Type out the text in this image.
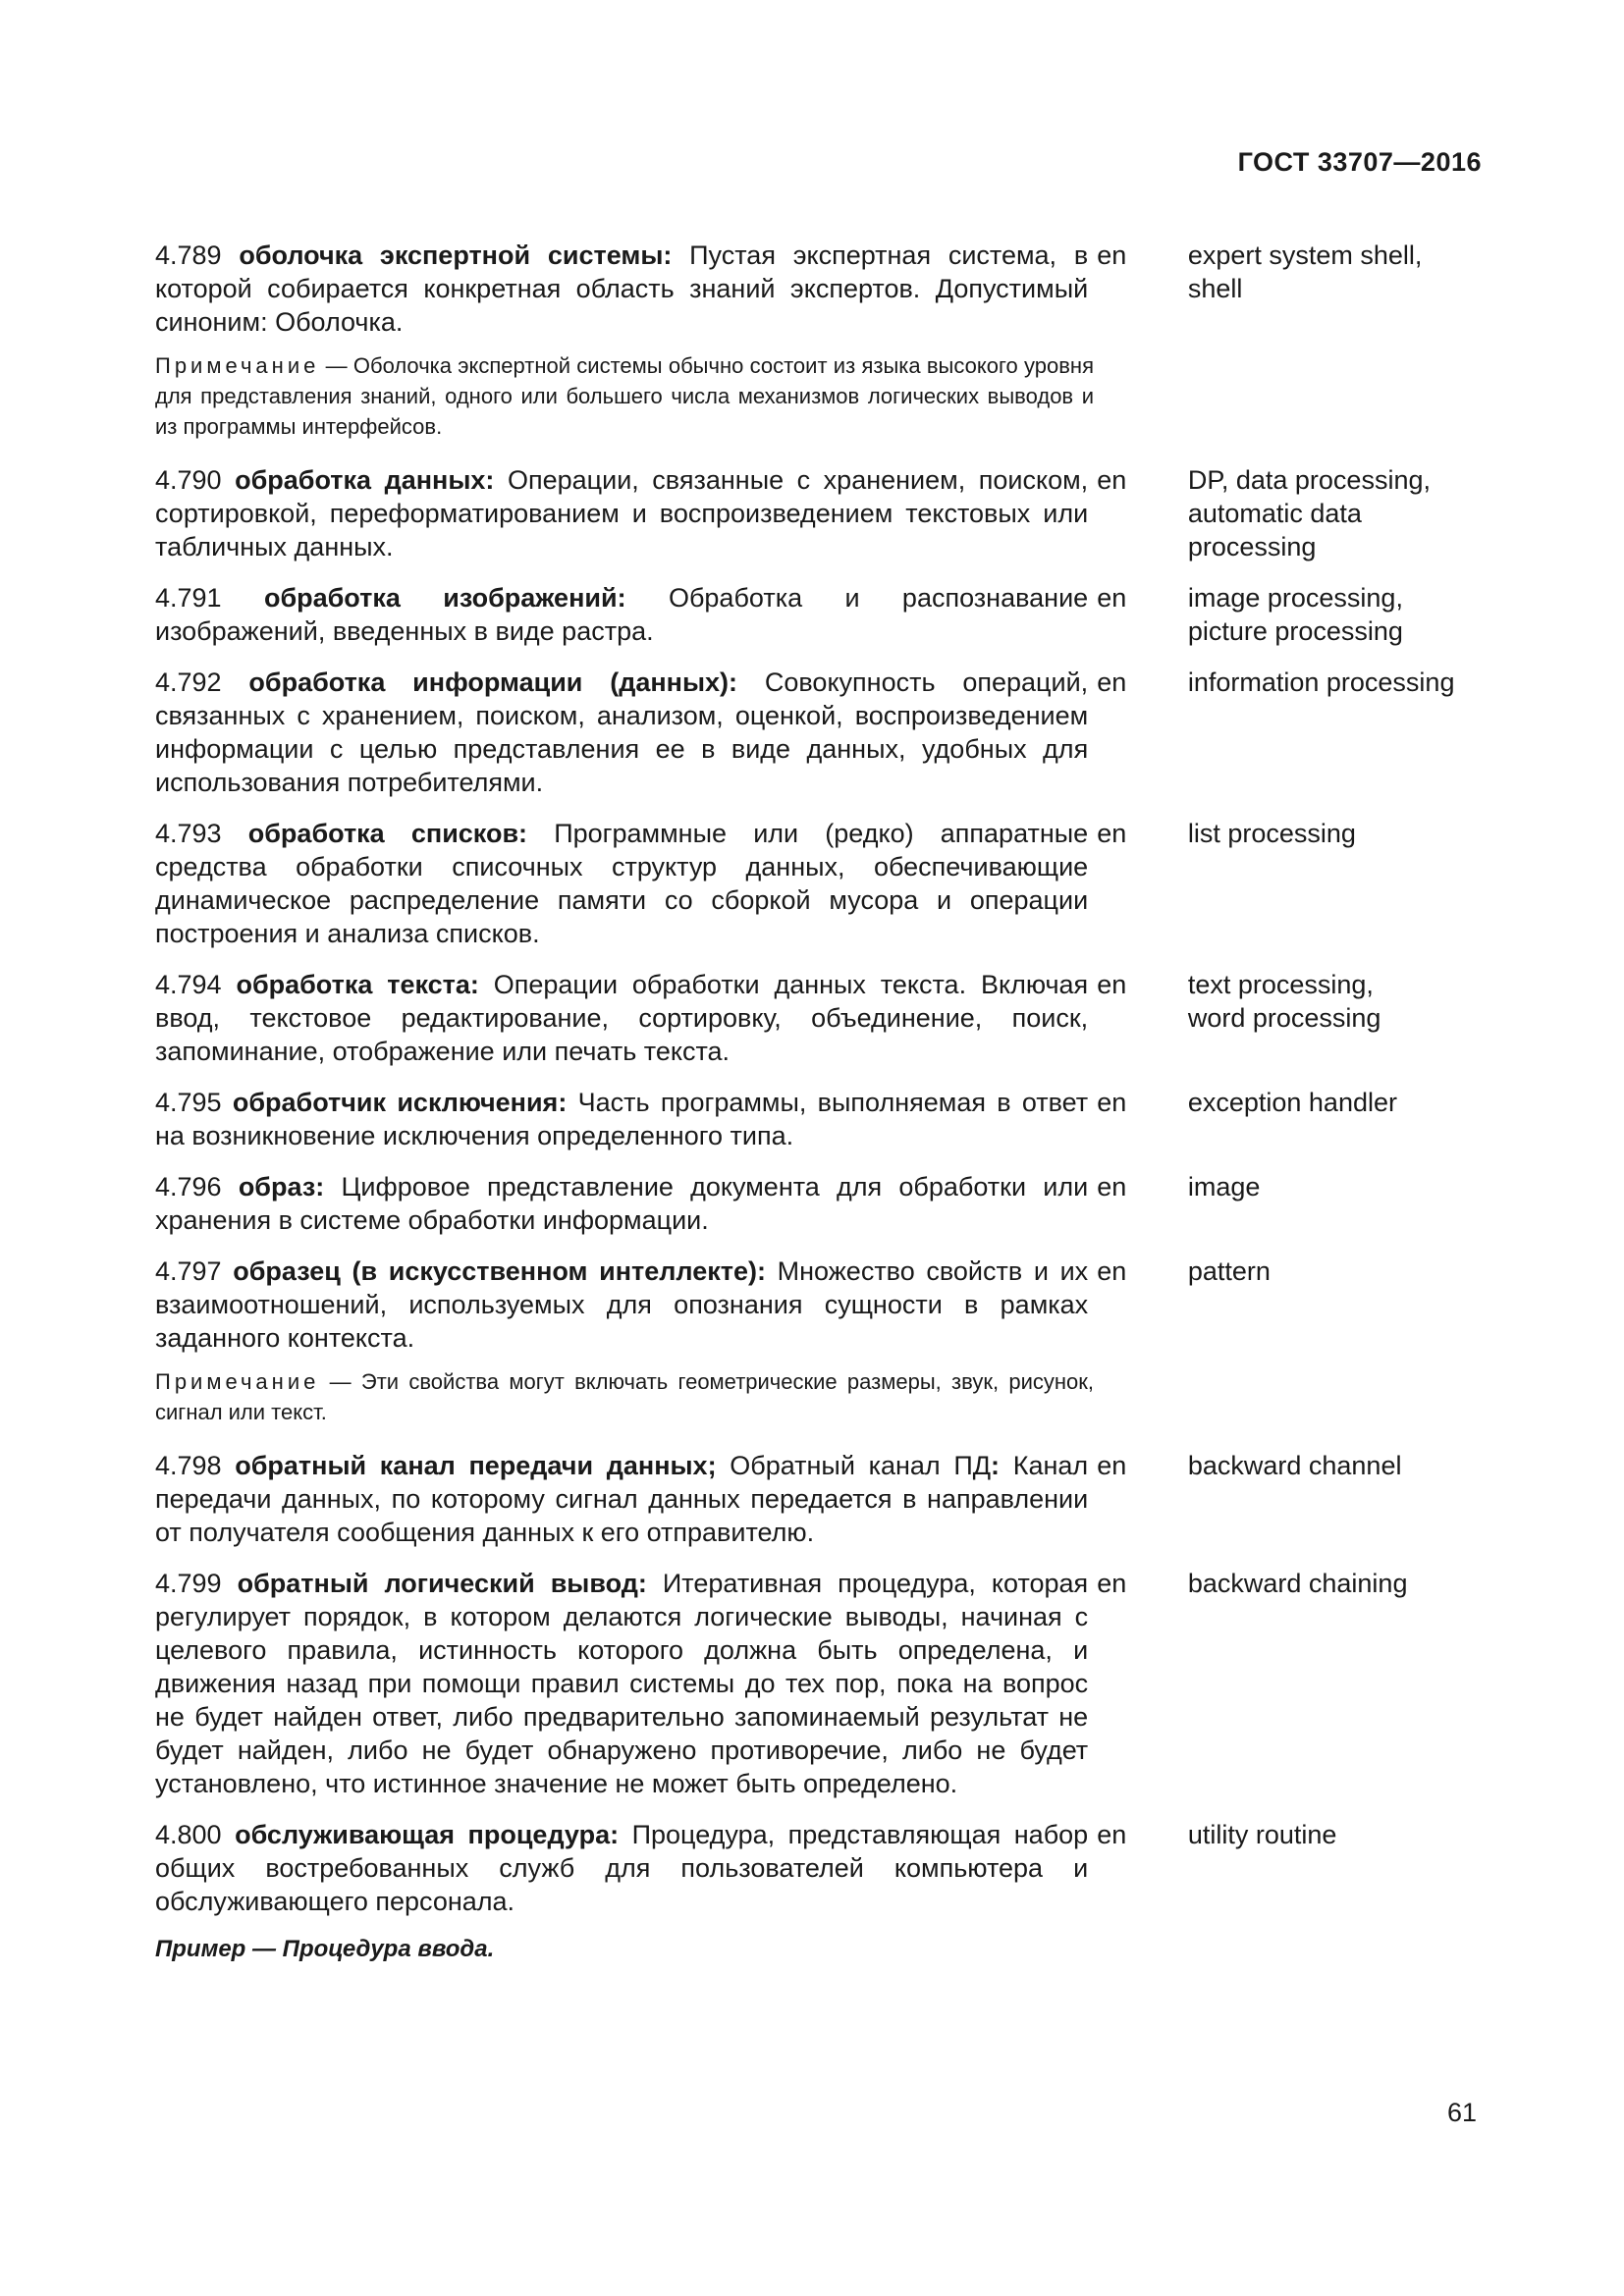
ГОСТ 33707—2016
4.789 оболочка экспертной системы: Пустая экспертная система, в которой собирается конкретная область знаний экспертов. Допустимый синоним: Оболочка.
en	expert system shell,
shell
Примечание — Оболочка экспертной системы обычно состоит из языка высокого уровня для представления знаний, одного или большего числа механизмов логических выводов и из программы интерфейсов.
4.790 обработка данных: Операции, связанные с хранением, поиском, сортировкой, переформатированием и воспроизведением текстовых или табличных данных.
en	DP, data processing,
automatic data
processing
4.791 обработка изображений: Обработка и распознавание изображений, введенных в виде растра.
en	image processing,
picture processing
4.792 обработка информации (данных): Совокупность операций, связанных с хранением, поиском, анализом, оценкой, воспроизведением информации с целью представления ее в виде данных, удобных для использования потребителями.
en	information processing
4.793 обработка списков: Программные или (редко) аппаратные средства обработки списочных структур данных, обеспечивающие динамическое распределение памяти со сборкой мусора и операции построения и анализа списков.
en	list processing
4.794 обработка текста: Операции обработки данных текста. Включая ввод, текстовое редактирование, сортировку, объединение, поиск, запоминание, отображение или печать текста.
en	text processing,
word processing
4.795 обработчик исключения: Часть программы, выполняемая в ответ на возникновение исключения определенного типа.
en	exception handler
4.796 образ: Цифровое представление документа для обработки или хранения в системе обработки информации.
en	image
4.797 образец (в искусственном интеллекте): Множество свойств и их взаимоотношений, используемых для опознания сущности в рамках заданного контекста.
en	pattern
Примечание — Эти свойства могут включать геометрические размеры, звук, рисунок, сигнал или текст.
4.798 обратный канал передачи данных; Обратный канал ПД: Канал передачи данных, по которому сигнал данных передается в направлении от получателя сообщения данных к его отправителю.
en	backward channel
4.799 обратный логический вывод: Итеративная процедура, которая регулирует порядок, в котором делаются логические выводы, начиная с целевого правила, истинность которого должна быть определена, и движения назад при помощи правил системы до тех пор, пока на вопрос не будет найден ответ, либо предварительно запоминаемый результат не будет найден, либо не будет обнаружено противоречие, либо не будет установлено, что истинное значение не может быть определено.
en	backward chaining
4.800 обслуживающая процедура: Процедура, представляющая набор общих востребованных служб для пользователей компьютера и обслуживающего персонала.
en	utility routine
Пример — Процедура ввода.
61
